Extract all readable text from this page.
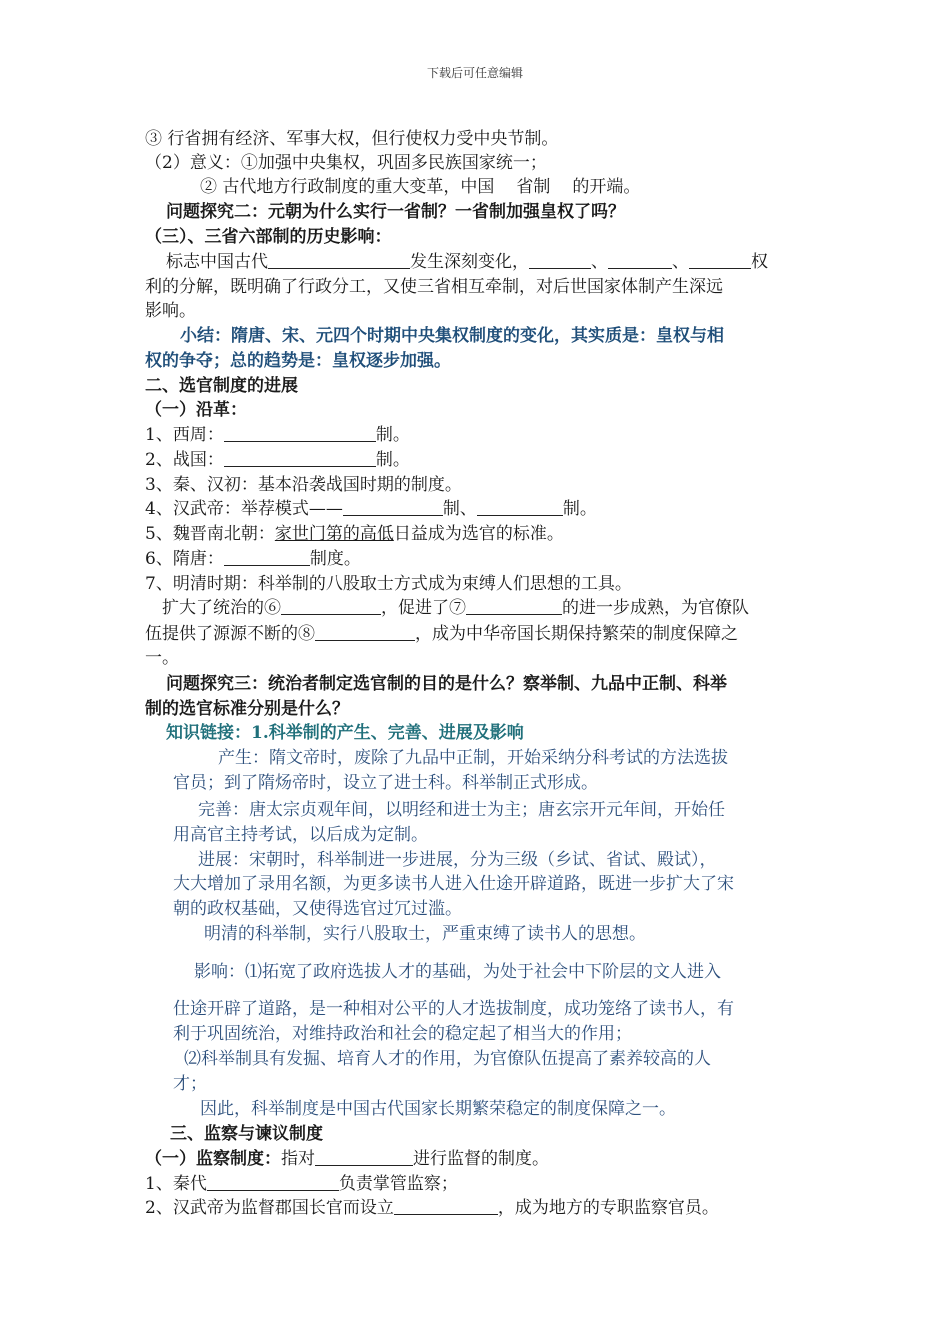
下载后可任意编辑
③ 行省拥有经济、军事大权，但行使权力受中央节制。
（2）意义：①加强中央集权，巩固多民族国家统一；
② 古代地方行政制度的重大变革，中国 省制 的开端。
问题探究二：元朝为什么实行一省制？一省制加强皇权了吗？
（三）、三省六部制的历史影响：
标志中国古代	发生深刻变化，	、	、	权
利的分解，既明确了行政分工，又使三省相互牵制，对后世国家体制产生深远
影响。
小结：隋唐、宋、元四个时期中央集权制度的变化，其实质是：皇权与相
权的争夺；总的趋势是：皇权逐步加强。
二、选官制度的进展
（一）沿革：
1、西周：	制。
2、战国：	制。
3、秦、汉初：基本沿袭战国时期的制度。
4、汉武帝：举荐模式——	制、	制。
5、魏晋南北朝：家世门第的高低日益成为选官的标准。
6、隋唐：	制度。
7、明清时期：科举制的八股取士方式成为束缚人们思想的工具。
扩大了统治的⑥	，促进了⑦	的进一步成熟，为官僚队
伍提供了源源不断的⑧	，成为中华帝国长期保持繁荣的制度保障之
一。
问题探究三：统治者制定选官制的目的是什么？察举制、九品中正制、科举
制的选官标准分别是什么？
知识链接：1.科举制的产生、完善、进展及影响
产生：隋文帝时，废除了九品中正制，开始采纳分科考试的方法选拔
官员；到了隋炀帝时，设立了进士科。科举制正式形成。
完善：唐太宗贞观年间，以明经和进士为主；唐玄宗开元年间，开始任
用高官主持考试，以后成为定制。
进展：宋朝时，科举制进一步进展，分为三级（乡试、省试、殿试），
大大增加了录用名额，为更多读书人进入仕途开辟道路，既进一步扩大了宋
朝的政权基础，又使得选官过冗过滥。
明清的科举制，实行八股取士，严重束缚了读书人的思想。
影响：⑴拓宽了政府选拔人才的基础，为处于社会中下阶层的文人进入
仕途开辟了道路，是一种相对公平的人才选拔制度，成功笼络了读书人，有
利于巩固统治，对维持政治和社会的稳定起了相当大的作用；
⑵科举制具有发掘、培育人才的作用，为官僚队伍提高了素养较高的人
才；
因此，科举制度是中国古代国家长期繁荣稳定的制度保障之一。
三、监察与谏议制度
（一）监察制度：指对	进行监督的制度。
1、秦代	负责掌管监察；
2、汉武帝为监督郡国长官而设立	，成为地方的专职监察官员。
